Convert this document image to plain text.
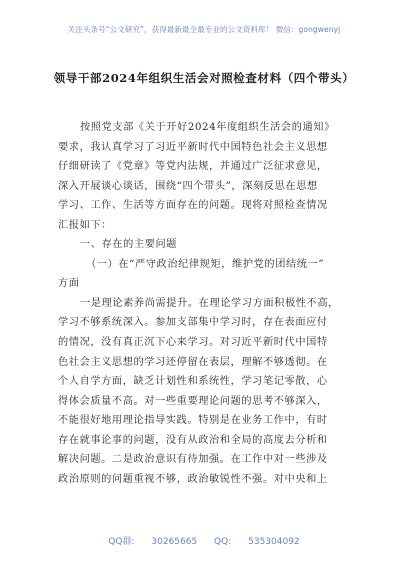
关注头条号“公文研究”，获得最新最全最专业的公文资料库！ 微信：gongwenyj
领导干部2024年组织生活会对照检查材料（四个带头）
按照党支部《关于开好2024年度组织生活会的通知》
要求，我认真学习了习近平新时代中国特色社会主义思想
仔细研读了《党章》等党内法规，并通过广泛征求意见，
深入开展谈心谈话，围绕“四个带头”，深刻反思在思想
学习、工作、生活等方面存在的问题。现将对照检查情况
汇报如下：
一、存在的主要问题
（一）在“严守政治纪律规矩，维护党的团结统一”
方面
一是理论素养尚需提升。在理论学习方面积极性不高，
学习不够系统深入。参加支部集中学习时，存在表面应付
的情况，没有真正沉下心来学习。对习近平新时代中国特
色社会主义思想的学习还停留在表层，理解不够透彻。在
个人自学方面，缺乏计划性和系统性，学习笔记零散，心
得体会质量不高。对一些重要理论问题的思考不够深入，
不能很好地用理论指导实践。特别是在业务工作中，有时
存在就事论事的问题，没有从政治和全局的高度去分析和
解决问题。二是政治意识有待加强。在工作中对一些涉及
政治原则的问题重视不够，政治敏锐性不强。对中央和上
QQ群: 30265665 QQ: 535304092
